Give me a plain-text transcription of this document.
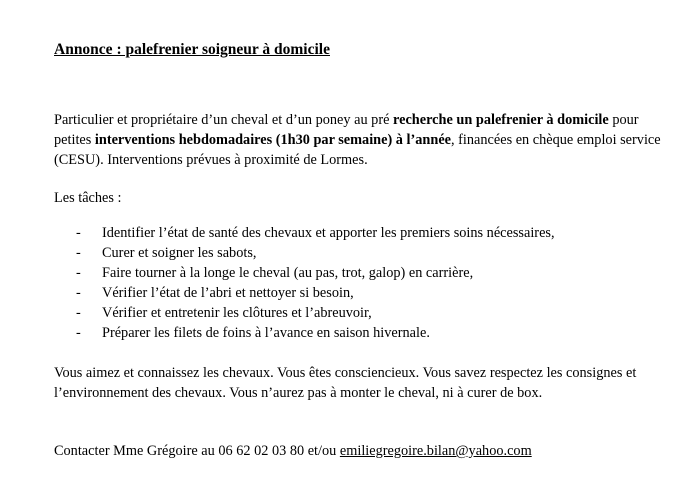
Annonce : palefrenier soigneur à domicile

Particulier et propriétaire d’un cheval et d’un poney au pré recherche un palefrenier à domicile pour petites interventions hebdomadaires (1h30 par semaine) à l’année, financées en chèque emploi service (CESU). Interventions prévues à proximité de Lormes.

Les tâches :

- Identifier l’état de santé des chevaux et apporter les premiers soins nécessaires,
- Curer et soigner les sabots,
- Faire tourner à la longe le cheval (au pas, trot, galop) en carrière,
- Vérifier l’état de l’abri et nettoyer si besoin,
- Vérifier et entretenir les clôtures et l’abreuvoir,
- Préparer les filets de foins à l’avance en saison hivernale.

Vous aimez et connaissez les chevaux. Vous êtes consciencieux. Vous savez respectez les consignes et l’environnement des chevaux. Vous n’aurez pas à monter le cheval, ni à curer de box.

Contacter Mme Grégoire au 06 62 02 03 80 et/ou emiliegregoire.bilan@yahoo.com
